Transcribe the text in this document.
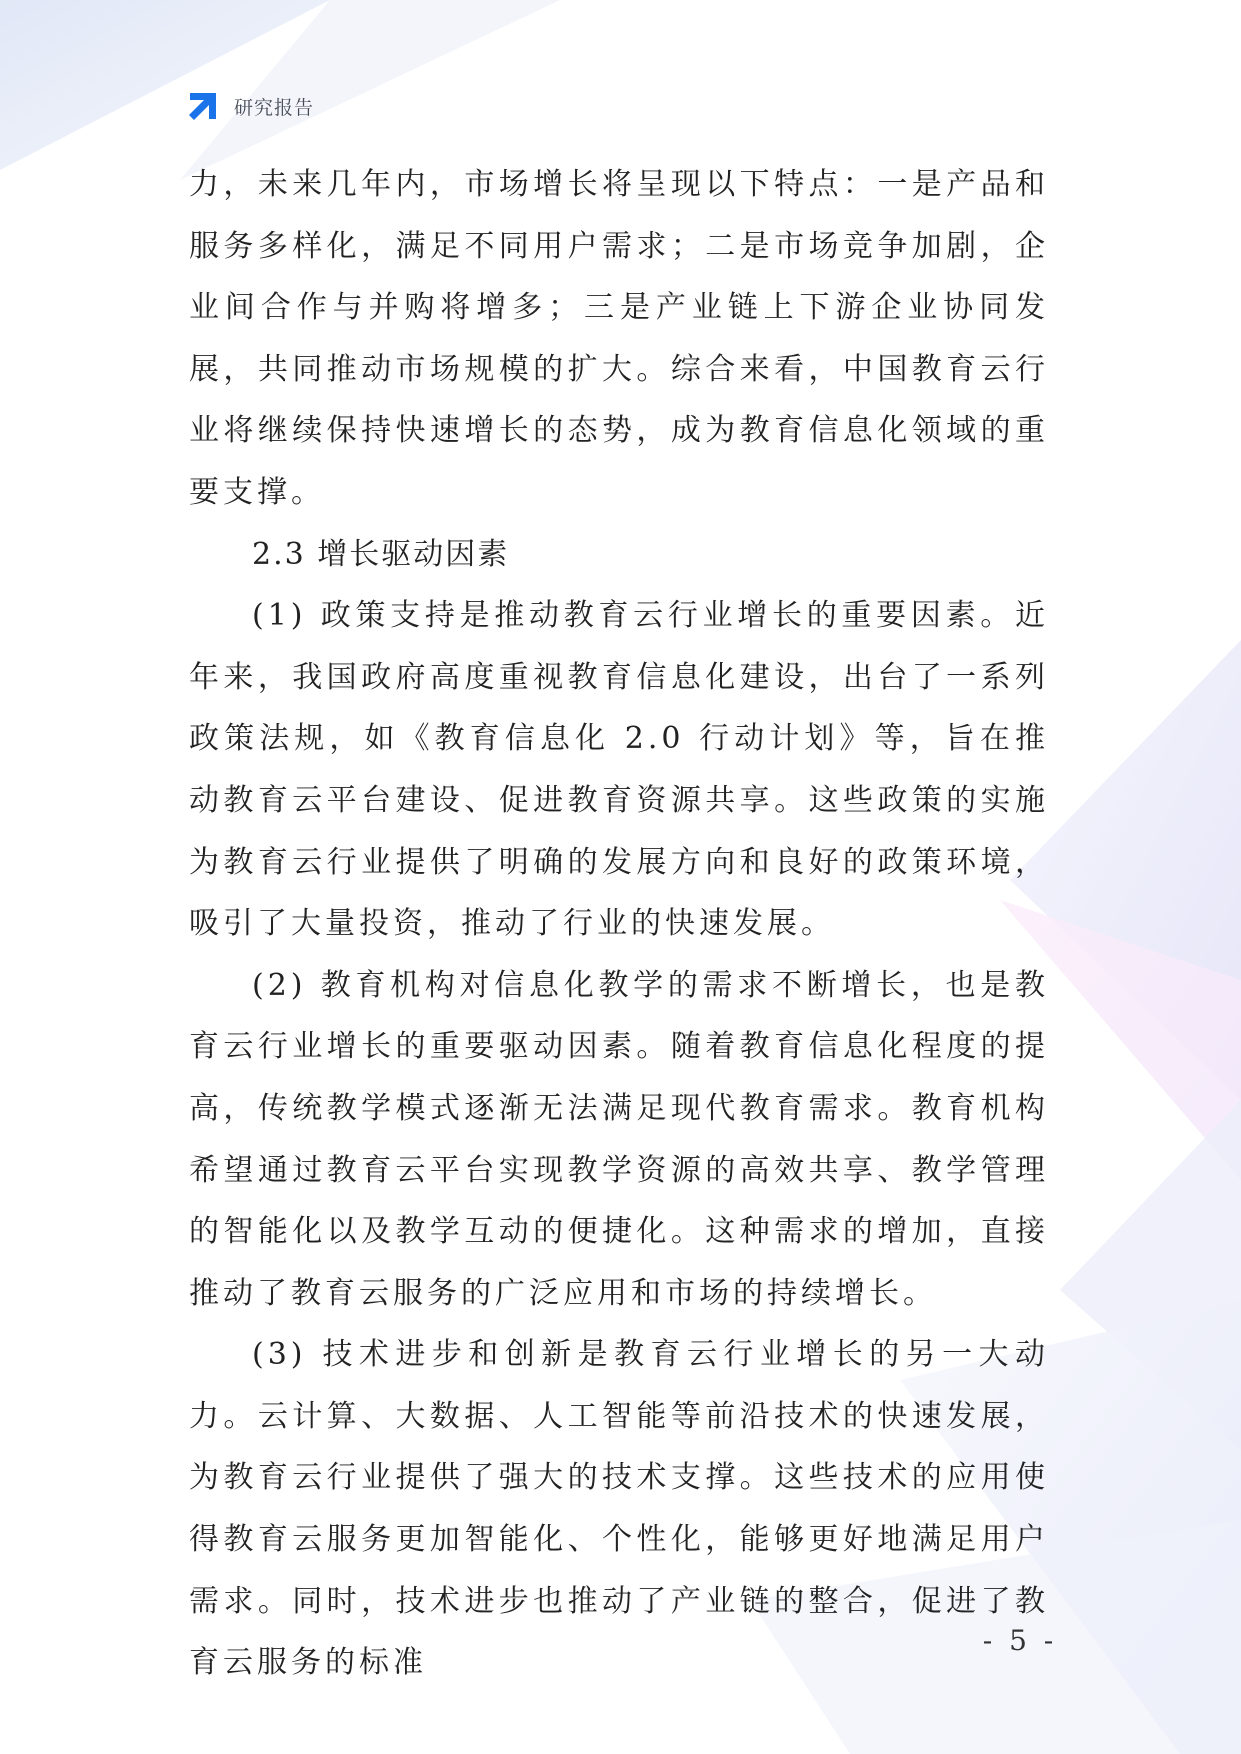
研究报告

力，未来几年内，市场增长将呈现以下特点：一是产品和服务多样化，满足不同用户需求；二是市场竞争加剧，企业间合作与并购将增多；三是产业链上下游企业协同发展，共同推动市场规模的扩大。综合来看，中国教育云行业将继续保持快速增长的态势，成为教育信息化领域的重要支撑。

2.3 增长驱动因素

(1) 政策支持是推动教育云行业增长的重要因素。近年来，我国政府高度重视教育信息化建设，出台了一系列政策法规，如《教育信息化 2.0 行动计划》等，旨在推动教育云平台建设、促进教育资源共享。这些政策的实施为教育云行业提供了明确的发展方向和良好的政策环境，吸引了大量投资，推动了行业的快速发展。

(2) 教育机构对信息化教学的需求不断增长，也是教育云行业增长的重要驱动因素。随着教育信息化程度的提高，传统教学模式逐渐无法满足现代教育需求。教育机构希望通过教育云平台实现教学资源的高效共享、教学管理的智能化以及教学互动的便捷化。这种需求的增加，直接推动了教育云服务的广泛应用和市场的持续增长。

(3) 技术进步和创新是教育云行业增长的另一大动力。云计算、大数据、人工智能等前沿技术的快速发展，为教育云行业提供了强大的技术支撑。这些技术的应用使得教育云服务更加智能化、个性化，能够更好地满足用户需求。同时，技术进步也推动了产业链的整合，促进了教育云服务的标准

- 5 -
